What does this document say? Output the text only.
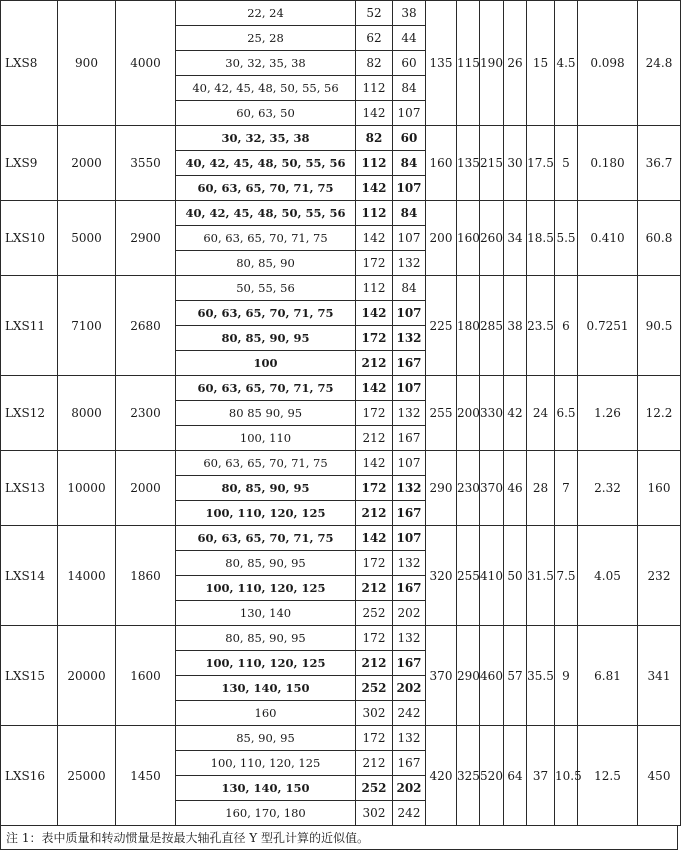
LXS8	900	4000	22, 24	52	38	135	115	190	26	15	4.5	0.098	24.8
			25, 28	62	44								
			30, 32, 35, 38	82	60								
			40, 42, 45, 48, 50, 55, 56	112	84								
			60, 63, 50	142	107								
LXS9	2000	3550	30, 32, 35, 38	82	60	160	135	215	30	17.5	5	0.180	36.7
			40, 42, 45, 48, 50, 55, 56	112	84								
			60, 63, 65, 70, 71, 75	142	107								
LXS10	5000	2900	40, 42, 45, 48, 50, 55, 56	112	84	200	160	260	34	18.5	5.5	0.410	60.8
			60, 63, 65, 70, 71, 75	142	107								
			80, 85, 90	172	132								
LXS11	7100	2680	50, 55, 56	112	84	225	180	285	38	23.5	6	0.7251	90.5
			60, 63, 65, 70, 71, 75	142	107								
			80, 85, 90, 95	172	132								
			100	212	167								
LXS12	8000	2300	60, 63, 65, 70, 71, 75	142	107	255	200	330	42	24	6.5	1.26	12.2
			80 85 90, 95	172	132								
			100, 110	212	167								
LXS13	10000	2000	60, 63, 65, 70, 71, 75	142	107	290	230	370	46	28	7	2.32	160
			80, 85, 90, 95	172	132								
			100, 110, 120, 125	212	167								
LXS14	14000	1860	60, 63, 65, 70, 71, 75	142	107	320	255	410	50	31.5	7.5	4.05	232
			80, 85, 90, 95	172	132								
			100, 110, 120, 125	212	167								
			130, 140	252	202								
LXS15	20000	1600	80, 85, 90, 95	172	132	370	290	460	57	35.5	9	6.81	341
			100, 110, 120, 125	212	167								
			130, 140, 150	252	202								
			160	302	242								
LXS16	25000	1450	85, 90, 95	172	132	420	325	520	64	37	10.5	12.5	450
			100, 110, 120, 125	212	167								
			130, 140, 150	252	202								
			160, 170, 180	302	242								
注 1：表中质量和转动惯量是按最大轴孔直径 Y 型孔计算的近似值。
